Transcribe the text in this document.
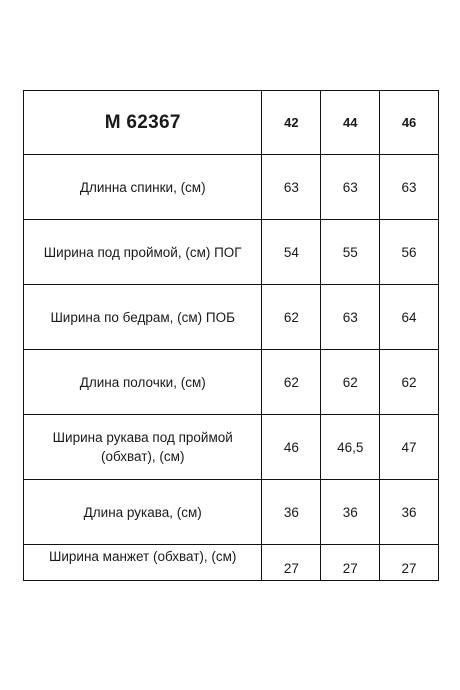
M 62367	42	44	46
Длинна спинки, (см)	63	63	63
Ширина под проймой, (см) ПОГ	54	55	56
Ширина по бедрам, (см) ПОБ	62	63	64
Длина полочки, (см)	62	62	62
Ширина рукава под проймой (обхват), (см)	46	46,5	47
Длина рукава, (см)	36	36	36
Ширина манжет (обхват), (см)	27	27	27
